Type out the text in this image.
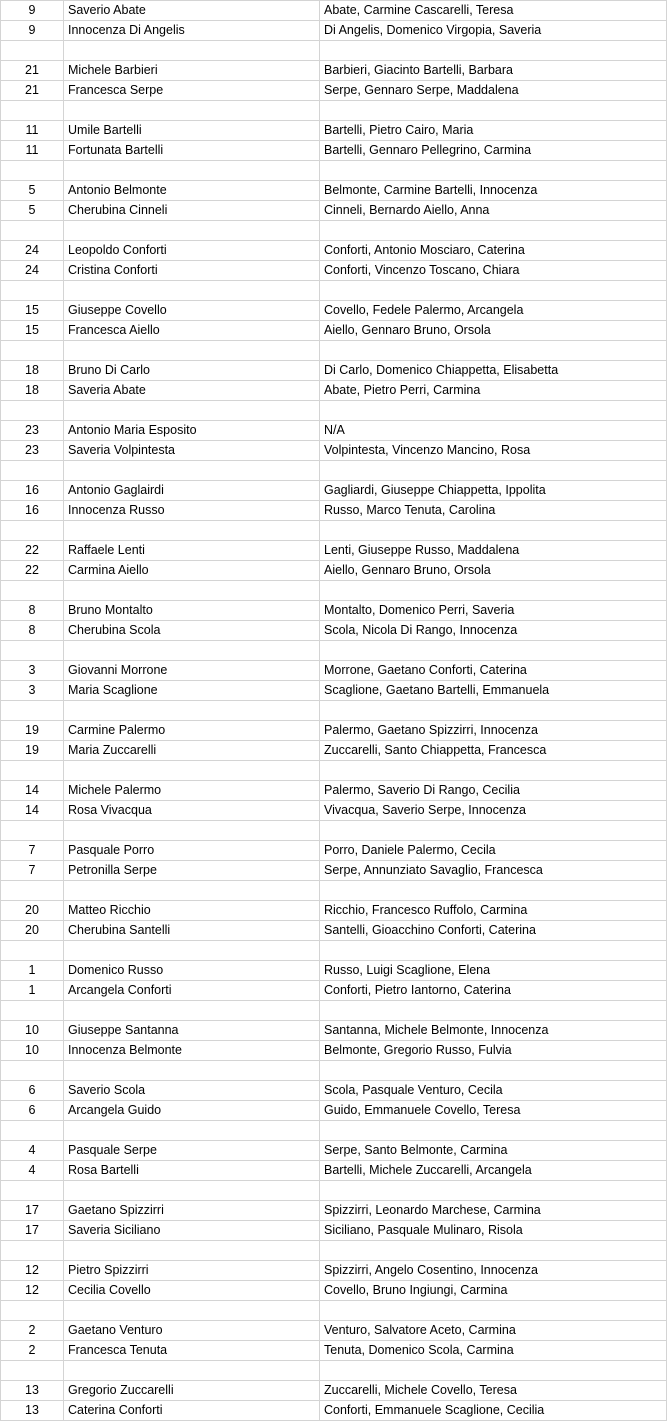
9	Saverio Abate	Abate, Carmine Cascarelli, Teresa
9	Innocenza Di Angelis	Di Angelis, Domenico Virgopia, Saveria

21	Michele Barbieri	Barbieri, Giacinto Bartelli, Barbara
21	Francesca Serpe	Serpe, Gennaro Serpe, Maddalena

11	Umile Bartelli	Bartelli, Pietro Cairo, Maria
11	Fortunata Bartelli	Bartelli, Gennaro Pellegrino, Carmina

5	Antonio Belmonte	Belmonte, Carmine Bartelli, Innocenza
5	Cherubina Cinneli	Cinneli, Bernardo Aiello, Anna

24	Leopoldo Conforti	Conforti, Antonio Mosciaro, Caterina
24	Cristina Conforti	Conforti, Vincenzo Toscano, Chiara

15	Giuseppe Covello	Covello, Fedele Palermo, Arcangela
15	Francesca Aiello	Aiello, Gennaro Bruno, Orsola

18	Bruno Di Carlo	Di Carlo, Domenico Chiappetta, Elisabetta
18	Saveria Abate	Abate, Pietro Perri, Carmina

23	Antonio Maria Esposito	N/A
23	Saveria Volpintesta	Volpintesta, Vincenzo Mancino, Rosa

16	Antonio Gaglairdi	Gagliardi, Giuseppe Chiappetta, Ippolita
16	Innocenza Russo	Russo, Marco Tenuta, Carolina

22	Raffaele Lenti	Lenti, Giuseppe Russo, Maddalena
22	Carmina Aiello	Aiello, Gennaro Bruno, Orsola

8	Bruno Montalto	Montalto, Domenico Perri, Saveria
8	Cherubina Scola	Scola, Nicola Di Rango, Innocenza

3	Giovanni Morrone	Morrone, Gaetano Conforti, Caterina
3	Maria Scaglione	Scaglione, Gaetano Bartelli, Emmanuela

19	Carmine Palermo	Palermo, Gaetano Spizzirri, Innocenza
19	Maria Zuccarelli	Zuccarelli, Santo Chiappetta, Francesca

14	Michele Palermo	Palermo, Saverio Di Rango, Cecilia
14	Rosa Vivacqua	Vivacqua, Saverio Serpe, Innocenza

7	Pasquale Porro	Porro, Daniele Palermo, Cecila
7	Petronilla Serpe	Serpe, Annunziato Savaglio, Francesca

20	Matteo Ricchio	Ricchio, Francesco Ruffolo, Carmina
20	Cherubina Santelli	Santelli, Gioacchino Conforti, Caterina

1	Domenico Russo	Russo, Luigi Scaglione, Elena
1	Arcangela Conforti	Conforti, Pietro Iantorno, Caterina

10	Giuseppe Santanna	Santanna, Michele Belmonte, Innocenza
10	Innocenza Belmonte	Belmonte, Gregorio Russo, Fulvia

6	Saverio Scola	Scola, Pasquale Venturo, Cecila
6	Arcangela Guido	Guido, Emmanuele Covello, Teresa

4	Pasquale Serpe	Serpe, Santo Belmonte, Carmina
4	Rosa Bartelli	Bartelli, Michele Zuccarelli, Arcangela

17	Gaetano Spizzirri	Spizzirri, Leonardo Marchese, Carmina
17	Saveria Siciliano	Siciliano, Pasquale Mulinaro, Risola

12	Pietro Spizzirri	Spizzirri, Angelo Cosentino, Innocenza
12	Cecilia Covello	Covello, Bruno Ingiungi, Carmina

2	Gaetano Venturo	Venturo, Salvatore Aceto, Carmina
2	Francesca Tenuta	Tenuta, Domenico Scola, Carmina

13	Gregorio Zuccarelli	Zuccarelli, Michele Covello, Teresa
13	Caterina Conforti	Conforti, Emmanuele Scaglione, Cecilia
